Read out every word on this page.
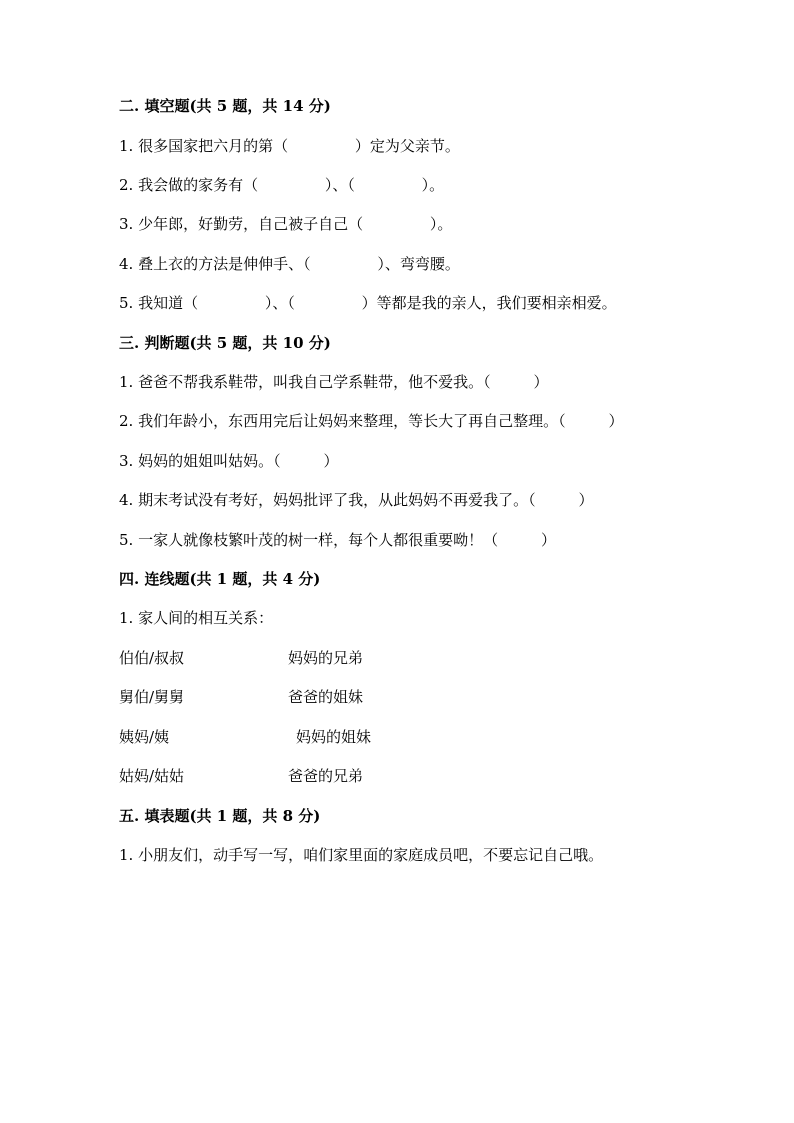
二. 填空题(共 5 题，共 14 分)
1. 很多国家把六月的第（              ）定为父亲节。
2. 我会做的家务有（              ）、（              ）。
3. 少年郎，好勤劳，自己被子自己（              ）。
4. 叠上衣的方法是伸伸手、（              ）、弯弯腰。
5. 我知道（              ）、（              ）等都是我的亲人，我们要相亲相爱。
三. 判断题(共 5 题，共 10 分)
1. 爸爸不帮我系鞋带，叫我自己学系鞋带，他不爱我。（         ）
2. 我们年龄小，东西用完后让妈妈来整理，等长大了再自己整理。（         ）
3. 妈妈的姐姐叫姑妈。（         ）
4. 期末考试没有考好，妈妈批评了我，从此妈妈不再爱我了。（         ）
5. 一家人就像枝繁叶茂的树一样，每个人都很重要呦！（         ）
四. 连线题(共 1 题，共 4 分)
1. 家人间的相互关系：
伯伯/叔叔	妈妈的兄弟
舅伯/舅舅	爸爸的姐妹
姨妈/姨	妈妈的姐妹
姑妈/姑姑	爸爸的兄弟
五. 填表题(共 1 题，共 8 分)
1. 小朋友们，动手写一写，咱们家里面的家庭成员吧，不要忘记自己哦。
